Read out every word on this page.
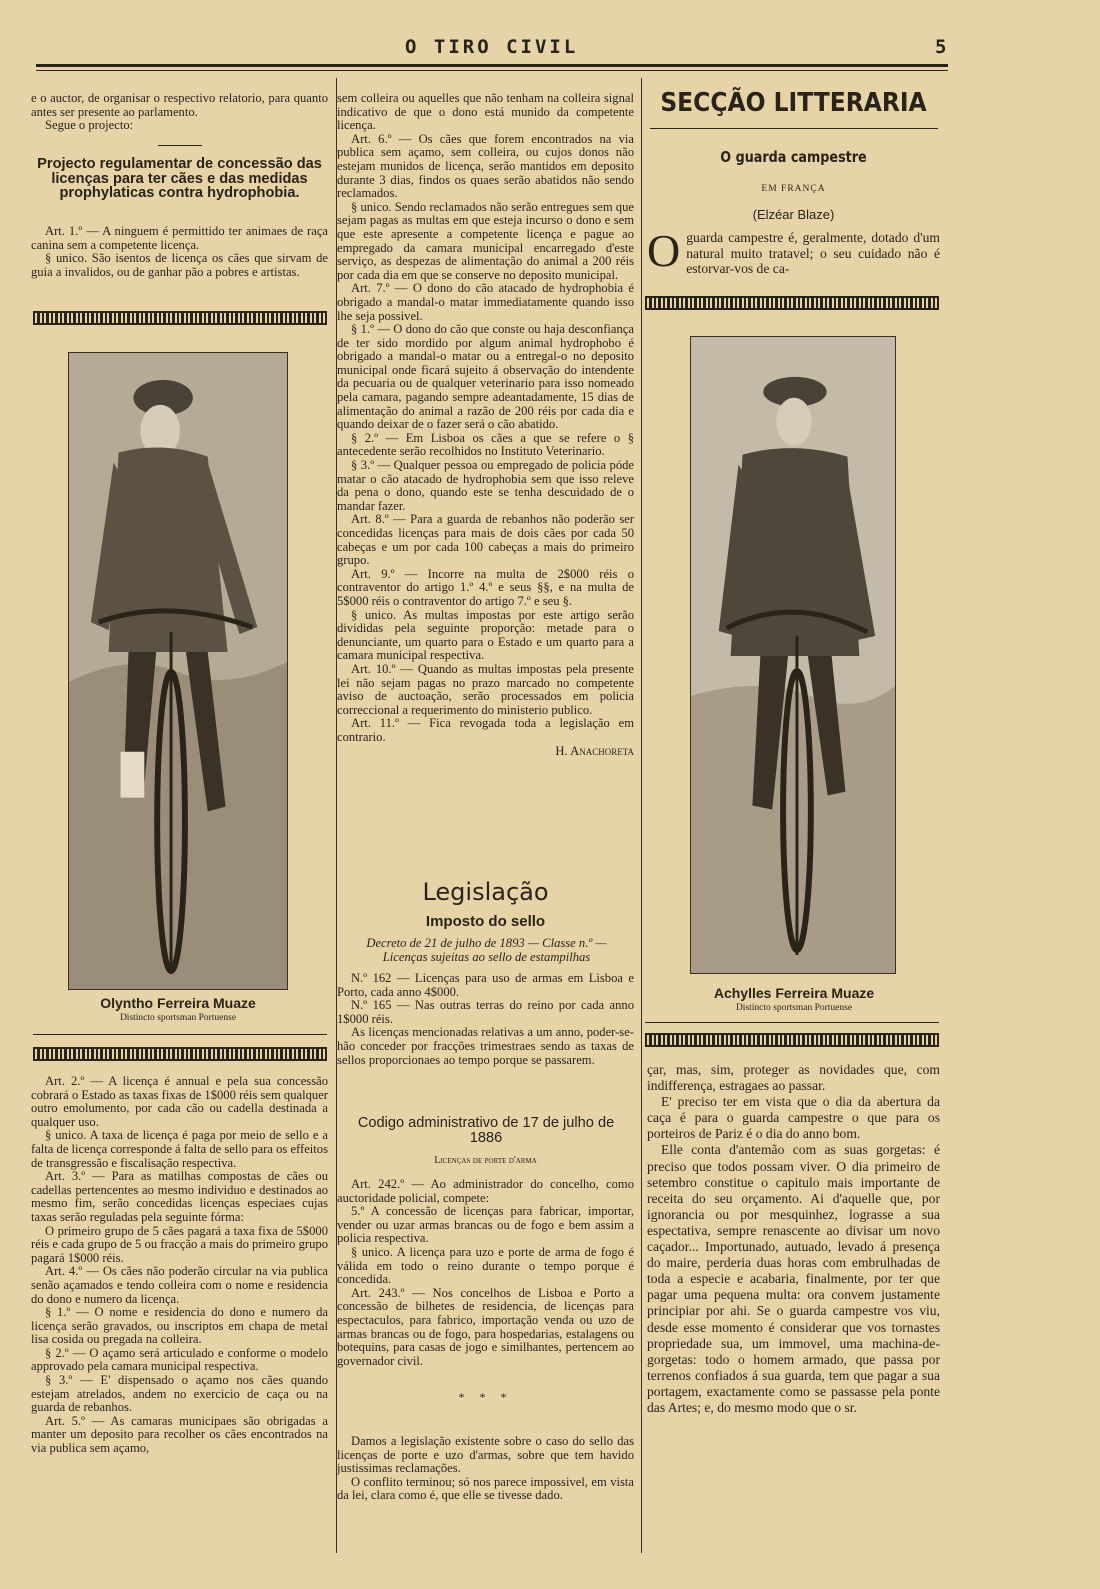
O TIRO CIVIL	5

e o auctor, de organisar o respectivo relatorio, para quanto antes ser presente ao parlamento.

Segue o projecto:

Projecto regulamentar de concessão das licenças para ter cães e das medidas prophylaticas contra hydrophobia.

Art. 1.º — A ninguem é permittido ter animaes de raça canina sem a competente licença.

§ unico. São isentos de licença os cães que sirvam de guia a invalidos, ou de ganhar pão a pobres e artistas.

Olyntho Ferreira Muaze
Distincto sportsman Portuense

Art. 2.º — A licença é annual e pela sua concessão cobrará o Estado as taxas fixas de 1$000 réis sem qualquer outro emolumento, por cada cão ou cadella destinada a qualquer uso.

§ unico. A taxa de licença é paga por meio de sello e a falta de licença corresponde á falta de sello para os effeitos de transgressão e fiscalisação respectiva.

Art. 3.º — Para as matilhas compostas de cães ou cadellas pertencentes ao mesmo individuo e destinados ao mesmo fim, serão concedidas licenças especiaes cujas taxas serão reguladas pela seguinte fórma:

O primeiro grupo de 5 cães pagará a taxa fixa de 5$000 réis e cada grupo de 5 ou fracção a mais do primeiro grupo pagará 1$000 réis.

Art. 4.º — Os cães não poderão circular na via publica senão açamados e tendo colleira com o nome e residencia do dono e numero da licença.

§ 1.º — O nome e residencia do dono e numero da licença serão gravados, ou inscriptos em chapa de metal lisa cosida ou pregada na colleira.

§ 2.º — O açamo será articulado e conforme o modelo approvado pela camara municipal respectiva.

§ 3.º — E' dispensado o açamo nos cães quando estejam atrelados, andem no exercicio de caça ou na guarda de rebanhos.

Art. 5.º — As camaras municipaes são obrigadas a manter um deposito para recolher os cães encontrados na via publica sem açamo,

sem colleira ou aquelles que não tenham na colleira signal indicativo de que o dono está munido da competente licença.

Art. 6.º — Os cães que forem encontrados na via publica sem açamo, sem colleira, ou cujos donos não estejam munidos de licença, serão mantidos em deposito durante 3 dias, findos os quaes serão abatidos não sendo reclamados.

§ unico. Sendo reclamados não serão entregues sem que sejam pagas as multas em que esteja incurso o dono e sem que este apresente a competente licença e pague ao empregado da camara municipal encarregado d'este serviço, as despezas de alimentação do animal a 200 réis por cada dia em que se conserve no deposito municipal.

Art. 7.º — O dono do cão atacado de hydrophobia é obrigado a mandal-o matar immediatamente quando isso lhe seja possivel.

§ 1.º — O dono do cão que conste ou haja desconfiança de ter sido mordido por algum animal hydrophobo é obrigado a mandal-o matar ou a entregal-o no deposito municipal onde ficará sujeito á observação do intendente da pecuaria ou de qualquer veterinario para isso nomeado pela camara, pagando sempre adeantadamente, 15 dias de alimentação do animal a razão de 200 réis por cada dia e quando deixar de o fazer será o cão abatido.

§ 2.º — Em Lisboa os cães a que se refere o § antecedente serão recolhidos no Instituto Veterinario.

§ 3.º — Qualquer pessoa ou empregado de policia póde matar o cão atacado de hydrophobia sem que isso releve da pena o dono, quando este se tenha descuidado de o mandar fazer.

Art. 8.º — Para a guarda de rebanhos não poderão ser concedidas licenças para mais de dois cães por cada 50 cabeças e um por cada 100 cabeças a mais do primeiro grupo.

Art. 9.º — Incorre na multa de 2$000 réis o contraventor do artigo 1.º 4.º e seus §§, e na multa de 5$000 réis o contraventor do artigo 7.º e seu §.

§ unico. As multas impostas por este artigo serão divididas pela seguinte proporção: metade para o denunciante, um quarto para o Estado e um quarto para a camara municipal respectiva.

Art. 10.º — Quando as multas impostas pela presente lei não sejam pagas no prazo marcado no competente aviso de auctoação, serão processados em policia correccional a requerimento do ministerio publico.

Art. 11.º — Fica revogada toda a legislação em contrario.

H. Anachoreta

Legislação
Imposto do sello
Decreto de 21 de julho de 1893 — Classe n.º — Licenças sujeitas ao sello de estampilhas

N.º 162 — Licenças para uso de armas em Lisboa e Porto, cada anno 4$000.

N.º 165 — Nas outras terras do reino por cada anno 1$000 réis.

As licenças mencionadas relativas a um anno, poder-se-hão conceder por fracções trimestraes sendo as taxas de sellos proporcionaes ao tempo porque se passarem.

Codigo administrativo de 17 de julho de 1886
Licenças de porte d'arma

Art. 242.º — Ao administrador do concelho, como auctoridade policial, compete:

5.º A concessão de licenças para fabricar, importar, vender ou uzar armas brancas ou de fogo e bem assim a policia respectiva.

§ unico. A licença para uzo e porte de arma de fogo é válida em todo o reino durante o tempo porque é concedida.

Art. 243.º — Nos concelhos de Lisboa e Porto a concessão de bilhetes de residencia, de licenças para espectaculos, para fabrico, importação venda ou uzo de armas brancas ou de fogo, para hospedarias, estalagens ou botequins, para casas de jogo e similhantes, pertencem ao governador civil.

* * *

Damos a legislação existente sobre o caso do sello das licenças de porte e uzo d'armas, sobre que tem havido justissimas reclamações.

O conflito terminou; só nos parece impossivel, em vista da lei, clara como é, que elle se tivesse dado.

SECÇÃO LITTERARIA
O guarda campestre
EM FRANÇA
(Elzéar Blaze)
O guarda campestre é, geralmente, dotado d'um natural muito tratavel; o seu cuidado não é estorvar-vos de ca-
Achylles Ferreira Muaze
Distincto sportsman Portuense

çar, mas, sim, proteger as novidades que, com indifferença, estragaes ao passar.

E' preciso ter em vista que o dia da abertura da caça é para o guarda campestre o que para os porteiros de Pariz é o dia do anno bom.

Elle conta d'antemão com as suas gorgetas: é preciso que todos possam viver. O dia primeiro de setembro constitue o capitulo mais importante de receita do seu orçamento. Ai d'aquelle que, por ignorancia ou por mesquinhez, lograsse a sua espectativa, sempre renascente ao divisar um novo caçador... Importunado, autuado, levado á presença do maire, perderia duas horas com embrulhadas de toda a especie e acabaria, finalmente, por ter que pagar uma pequena multa: ora convem justamente principiar por ahi. Se o guarda campestre vos viu, desde esse momento é considerar que vos tornastes propriedade sua, um immovel, uma machina-de-gorgetas: todo o homem armado, que passa por terrenos confiados á sua guarda, tem que pagar a sua portagem, exactamente como se passasse pela ponte das Artes; e, do mesmo modo que o sr.
